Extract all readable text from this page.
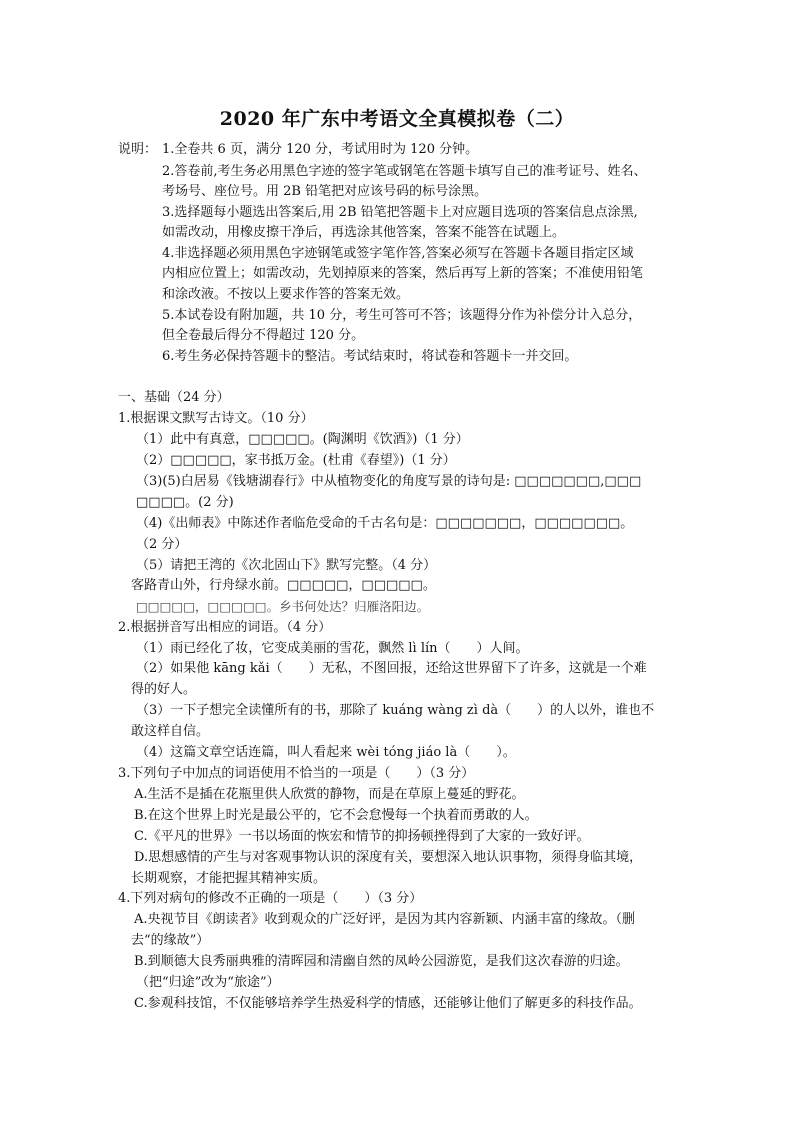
2020 年广东中考语文全真模拟卷（二）
说明： 1.全卷共 6 页，满分 120 分，考试用时为 120 分钟。
2.答卷前,考生务必用黑色字迹的签字笔或钢笔在答题卡填写自己的准考证号、姓名、
考场号、座位号。用 2B 铅笔把对应该号码的标号涂黑。
3.选择题每小题选出答案后,用 2B 铅笔把答题卡上对应题目选项的答案信息点涂黑,
如需改动，用橡皮擦干净后，再选涂其他答案，答案不能答在试题上。
4.非选择题必须用黑色字迹钢笔或签字笔作答,答案必须写在答题卡各题目指定区域
内相应位置上；如需改动，先划掉原来的答案，然后再写上新的答案；不准使用铅笔
和涂改液。不按以上要求作答的答案无效。
5.本试卷设有附加题，共 10 分，考生可答可不答；该题得分作为补偿分计入总分，
但全卷最后得分不得超过 120 分。
6.考生务必保持答题卡的整洁。考试结束时，将试卷和答题卡一并交回。
一、基础（24 分）
1.根据课文默写古诗文。（10 分）
（1）此中有真意，□□□□□。(陶渊明《饮酒》)（1 分）
（2）□□□□□，家书抵万金。(杜甫《春望》)（1 分）
（3)(5)白居易《钱塘湖春行》中从植物变化的角度写景的诗句是: □□□□□□□,□□□
□□□□。(2 分)
（4)《出师表》中陈述作者临危受命的千古名句是：□□□□□□□，□□□□□□□。
（2 分）
（5）请把王湾的《次北固山下》默写完整。（4 分）
客路青山外，行舟绿水前。□□□□□，□□□□□。
□□□□□，□□□□□。乡书何处达？归雁洛阳边。
2.根据拼音写出相应的词语。（4 分）
（1）雨已经化了妆，它变成美丽的雪花，飘然 lì lín（　　）人间。
（2）如果他 kāng kǎi（　　）无私，不图回报，还给这世界留下了许多，这就是一个难
得的好人。
（3）一下子想完全读懂所有的书，那除了 kuáng wàng zì dà（　　）的人以外，谁也不
敢这样自信。
（4）这篇文章空话连篇，叫人看起来 wèi tóng jiáo là（　　）。
3.下列句子中加点的词语使用不恰当的一项是（　　）（3 分）
A.生活不是插在花瓶里供人欣赏的静物，而是在草原上蔓延的野花。
B.在这个世界上时光是最公平的，它不会怠慢每一个执着而勇敢的人。
C.《平凡的世界》一书以场面的恢宏和情节的抑扬顿挫得到了大家的一致好评。
D.思想感情的产生与对客观事物认识的深度有关，要想深入地认识事物，须得身临其境，
长期观察，才能把握其精神实质。
4.下列对病句的修改不正确的一项是（　　）（3 分）
A.央视节目《朗读者》收到观众的广泛好评，是因为其内容新颖、内涵丰富的缘故。（删
去“的缘故”）
B.到顺德大良秀丽典雅的清晖园和清幽自然的凤岭公园游览，是我们这次春游的归途。
（把“归途”改为“旅途”）
C.参观科技馆，不仅能够培养学生热爱科学的情感，还能够让他们了解更多的科技作品。
